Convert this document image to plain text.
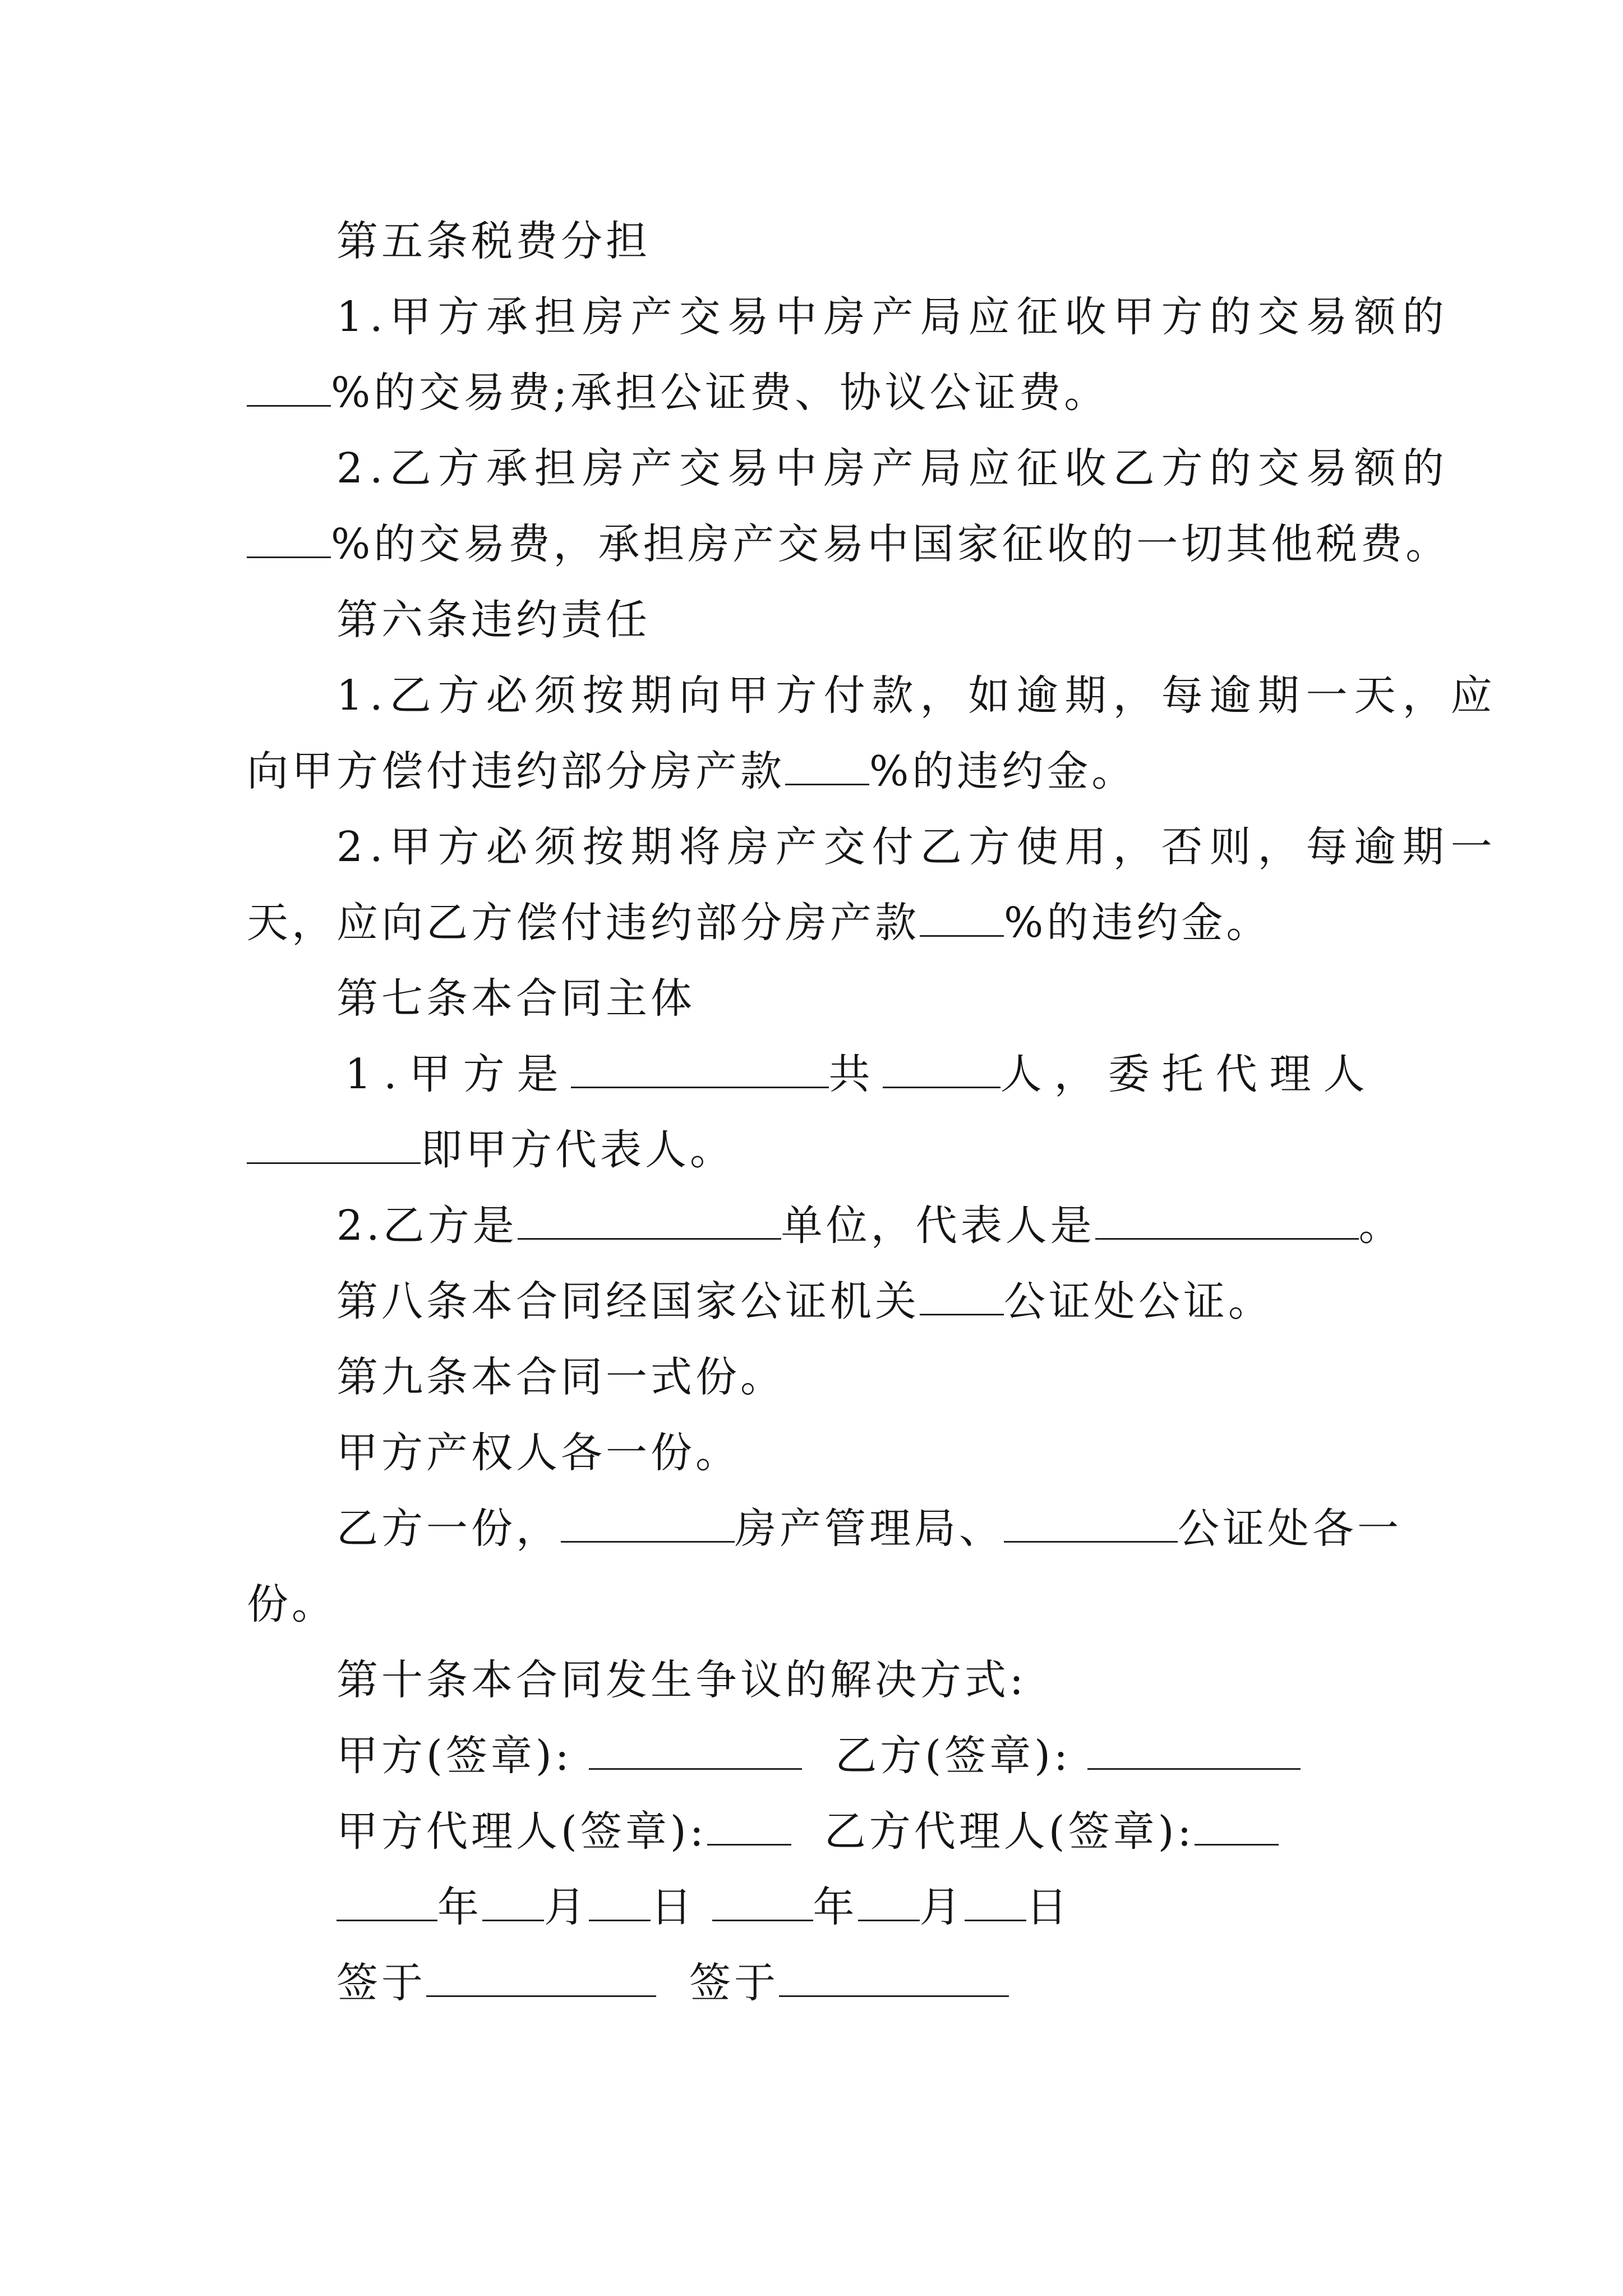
第五条税费分担
1.甲方承担房产交易中房产局应征收甲方的交易额的
%的交易费;承担公证费、协议公证费。
2.乙方承担房产交易中房产局应征收乙方的交易额的
%的交易费，承担房产交易中国家征收的一切其他税费。
第六条违约责任
1.乙方必须按期向甲方付款，如逾期，每逾期一天，应
向甲方偿付违约部分房产款 %的违约金。
2.甲方必须按期将房产交付乙方使用，否则，每逾期一
天，应向乙方偿付违约部分房产款 %的违约金。
第七条本合同主体
1.甲方是	共	人，委托代理人
即甲方代表人。
2.乙方是	单位，代表人是	。
第八条本合同经国家公证机关 公证处公证。
第九条本合同一式份。
甲方产权人各一份。
乙方一份，	房产管理局、	公证处各一
份。
第十条本合同发生争议的解决方式:
甲方(签章):	乙方(签章):
甲方代理人(签章):	乙方代理人(签章):
年 月 日	年 月 日
签于	签于
